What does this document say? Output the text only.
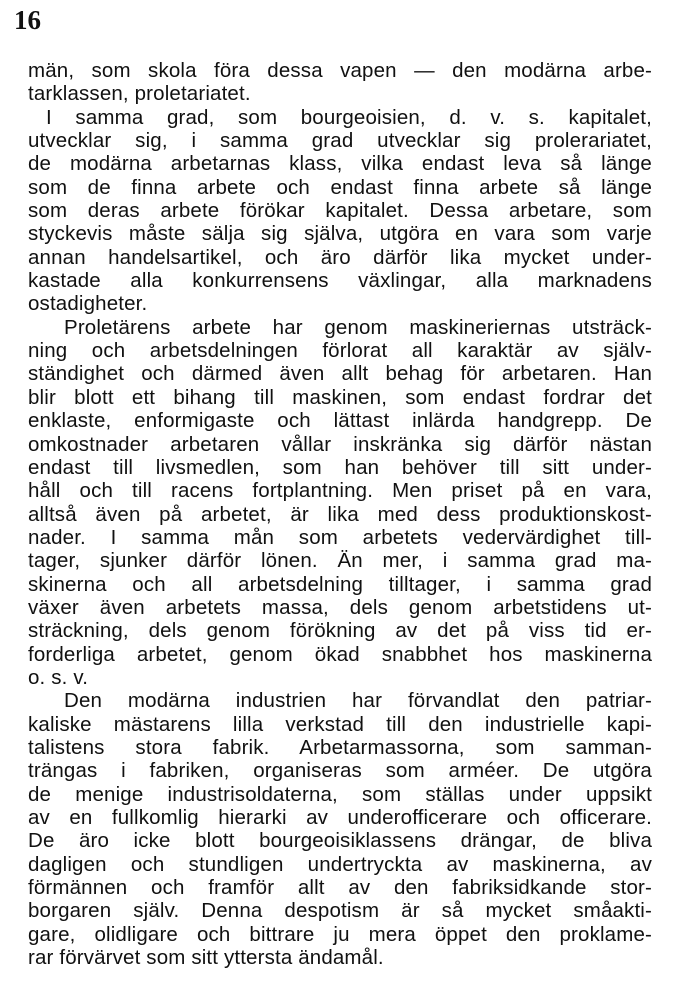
16
män, som skola föra dessa vapen — den modärna arbe-
tarklassen, proletariatet.
I samma grad, som bourgeoisien, d. v. s. kapitalet,
utvecklar sig, i samma grad utvecklar sig prolerariatet,
de modärna arbetarnas klass, vilka endast leva så länge
som de finna arbete och endast finna arbete så länge
som deras arbete förökar kapitalet. Dessa arbetare, som
styckevis måste sälja sig själva, utgöra en vara som varje
annan handelsartikel, och äro därför lika mycket under-
kastade alla konkurrensens växlingar, alla marknadens
ostadigheter.
Proletärens arbete har genom maskineriernas utsträck-
ning och arbetsdelningen förlorat all karaktär av själv-
ständighet och därmed även allt behag för arbetaren. Han
blir blott ett bihang till maskinen, som endast fordrar det
enklaste, enformigaste och lättast inlärda handgrepp. De
omkostnader arbetaren vållar inskränka sig därför nästan
endast till livsmedlen, som han behöver till sitt under-
håll och till racens fortplantning. Men priset på en vara,
alltså även på arbetet, är lika med dess produktionskost-
nader. I samma mån som arbetets vedervärdighet till-
tager, sjunker därför lönen. Än mer, i samma grad ma-
skinerna och all arbetsdelning tilltager, i samma grad
växer även arbetets massa, dels genom arbetstidens ut-
sträckning, dels genom förökning av det på viss tid er-
forderliga arbetet, genom ökad snabbhet hos maskinerna
o. s. v.
Den modärna industrien har förvandlat den patriar-
kaliske mästarens lilla verkstad till den industrielle kapi-
talistens stora fabrik. Arbetarmassorna, som samman-
trängas i fabriken, organiseras som arméer. De utgöra
de menige industrisoldaterna, som ställas under uppsikt
av en fullkomlig hierarki av underofficerare och officerare.
De äro icke blott bourgeoisiklassens drängar, de bliva
dagligen och stundligen undertryckta av maskinerna, av
förmännen och framför allt av den fabriksidkande stor-
borgaren själv. Denna despotism är så mycket småakti-
gare, olidligare och bittrare ju mera öppet den proklame-
rar förvärvet som sitt yttersta ändamål.
